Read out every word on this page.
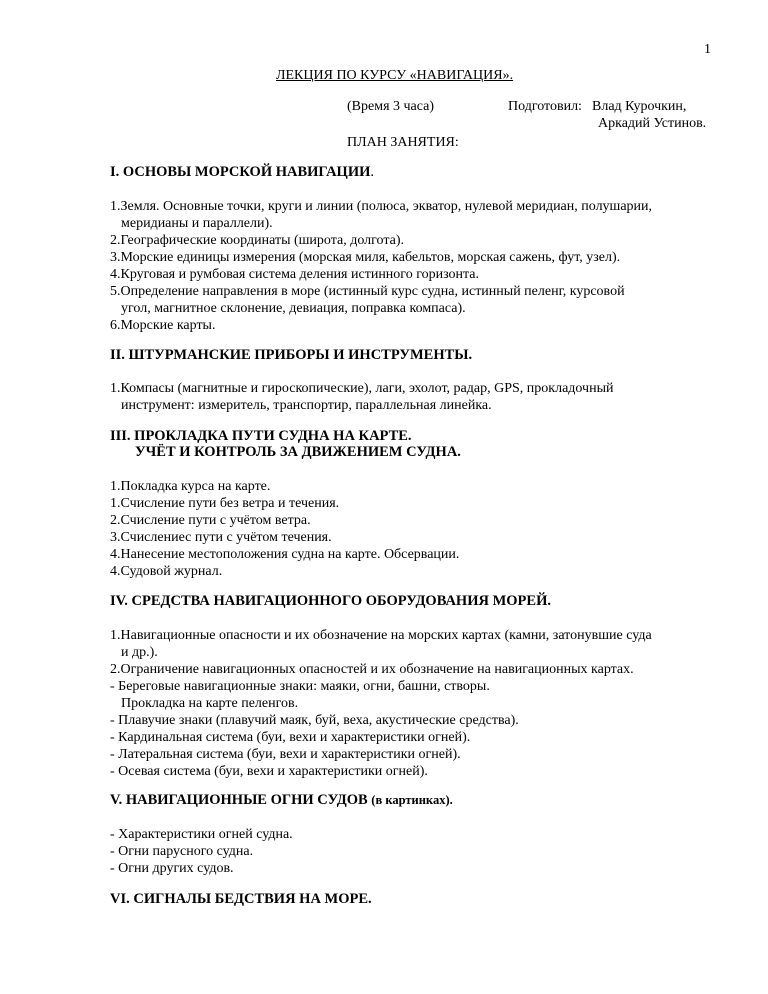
1
ЛЕКЦИЯ ПО КУРСУ «НАВИГАЦИЯ».
(Время 3 часа)	Подготовил: Влад Курочкин,
Аркадий Устинов.
ПЛАН ЗАНЯТИЯ:
I. ОСНОВЫ МОРСКОЙ НАВИГАЦИИ.
1.Земля. Основные точки, круги и линии (полюса, экватор, нулевой меридиан, полушарии,
меридианы и параллели).
2.Географические координаты (широта, долгота).
3.Морские единицы измерения (морская миля, кабельтов, морская сажень, фут, узел).
4.Круговая и румбовая система деления истинного горизонта.
5.Определение направления в море (истинный курс судна, истинный пеленг, курсовой
угол, магнитное склонение, девиация, поправка компаса).
6.Морские карты.
II. ШТУРМАНСКИЕ ПРИБОРЫ И ИНСТРУМЕНТЫ.
1.Компасы (магнитные и гироскопические), лаги, эхолот, радар, GPS, прокладочный
инструмент: измеритель, транспортир, параллельная линейка.
III. ПРОКЛАДКА ПУТИ СУДНА НА КАРТЕ.
УЧЁТ И КОНТРОЛЬ ЗА ДВИЖЕНИЕМ СУДНА.
1.Покладка курса на карте.
1.Счисление пути без ветра и течения.
2.Счисление пути с учётом ветра.
3.Счислениес пути с учётом течения.
4.Нанесение местоположения судна на карте. Обсервации.
4.Судовой журнал.
IV. СРЕДСТВА НАВИГАЦИОННОГО ОБОРУДОВАНИЯ МОРЕЙ.
1.Навигационные опасности и их обозначение на морских картах (камни, затонувшие суда
и др.).
2.Ограничение навигационных опасностей и их обозначение на навигационных картах.
- Береговые навигационные знаки: маяки, огни, башни, створы.
Прокладка на карте пеленгов.
- Плавучие знаки (плавучий маяк, буй, веха, акустические средства).
- Кардинальная система (буи, вехи и характеристики огней).
- Латеральная система (буи, вехи и характеристики огней).
- Осевая система (буи, вехи и характеристики огней).
V. НАВИГАЦИОННЫЕ ОГНИ СУДОВ (в картинках).
- Характеристики огней судна.
- Огни парусного судна.
- Огни других судов.
VI. СИГНАЛЫ БЕДСТВИЯ НА МОРЕ.
